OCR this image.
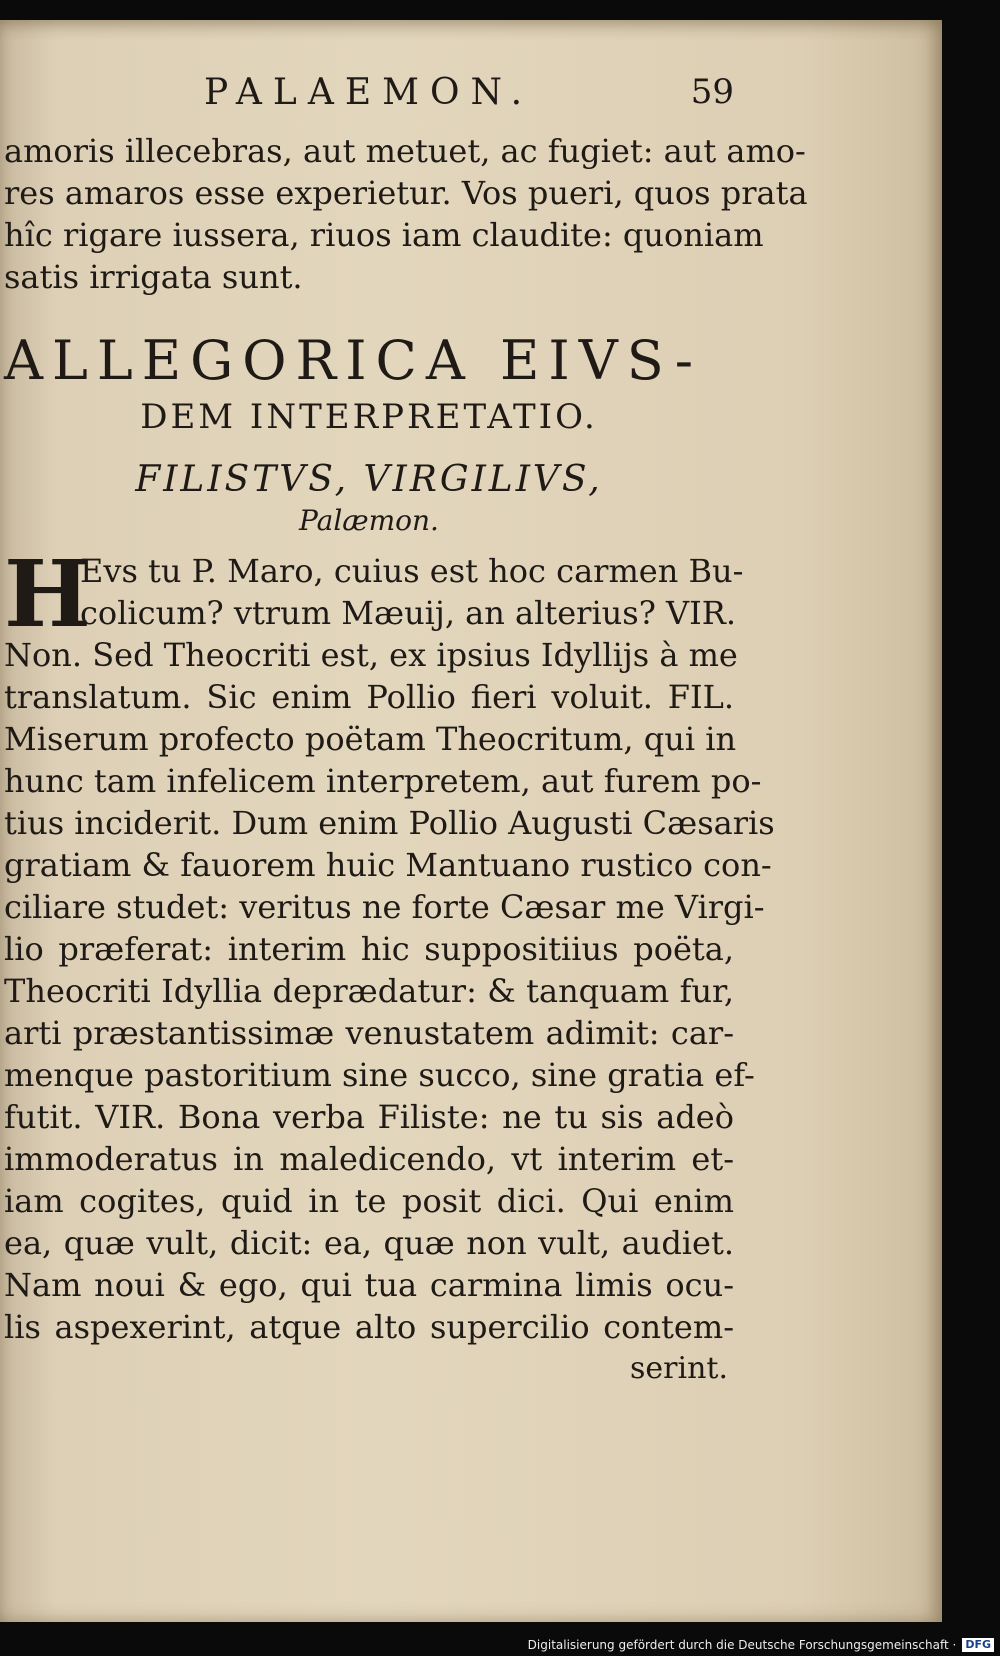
PALAEMON.	59
amoris illecebras, aut metuet, ac fugiet: aut amo-
res amaros esse experietur. Vos pueri, quos prata
hîc rigare iussera, riuos iam claudite: quoniam
satis irrigata sunt.
ALLEGORICA EIVS-
DEM INTERPRETATIO.
FILISTVS, VIRGILIVS,
Palæmon.
H
Evs tu P. Maro, cuius est hoc carmen Bu-
colicum? vtrum Mæuij, an alterius? VIR.
Non. Sed Theocriti est, ex ipsius Idyllijs à me
translatum. Sic enim Pollio fieri voluit. FIL.
Miserum profecto poëtam Theocritum, qui in
hunc tam infelicem interpretem, aut furem po-
tius inciderit. Dum enim Pollio Augusti Cæsaris
gratiam & fauorem huic Mantuano rustico con-
ciliare studet: veritus ne forte Cæsar me Virgi-
lio præferat: interim hic suppositiius poëta,
Theocriti Idyllia deprædatur: & tanquam fur,
arti præstantissimæ venustatem adimit: car-
menque pastoritium sine succo, sine gratia ef-
futit. VIR. Bona verba Filiste: ne tu sis adeò
immoderatus in maledicendo, vt interim et-
iam cogites, quid in te posit dici. Qui enim
ea, quæ vult, dicit: ea, quæ non vult, audiet.
Nam noui & ego, qui tua carmina limis ocu-
lis aspexerint, atque alto supercilio contem-
serint.
Digitalisierung gefördert durch die Deutsche Forschungsgemeinschaft · DFG
